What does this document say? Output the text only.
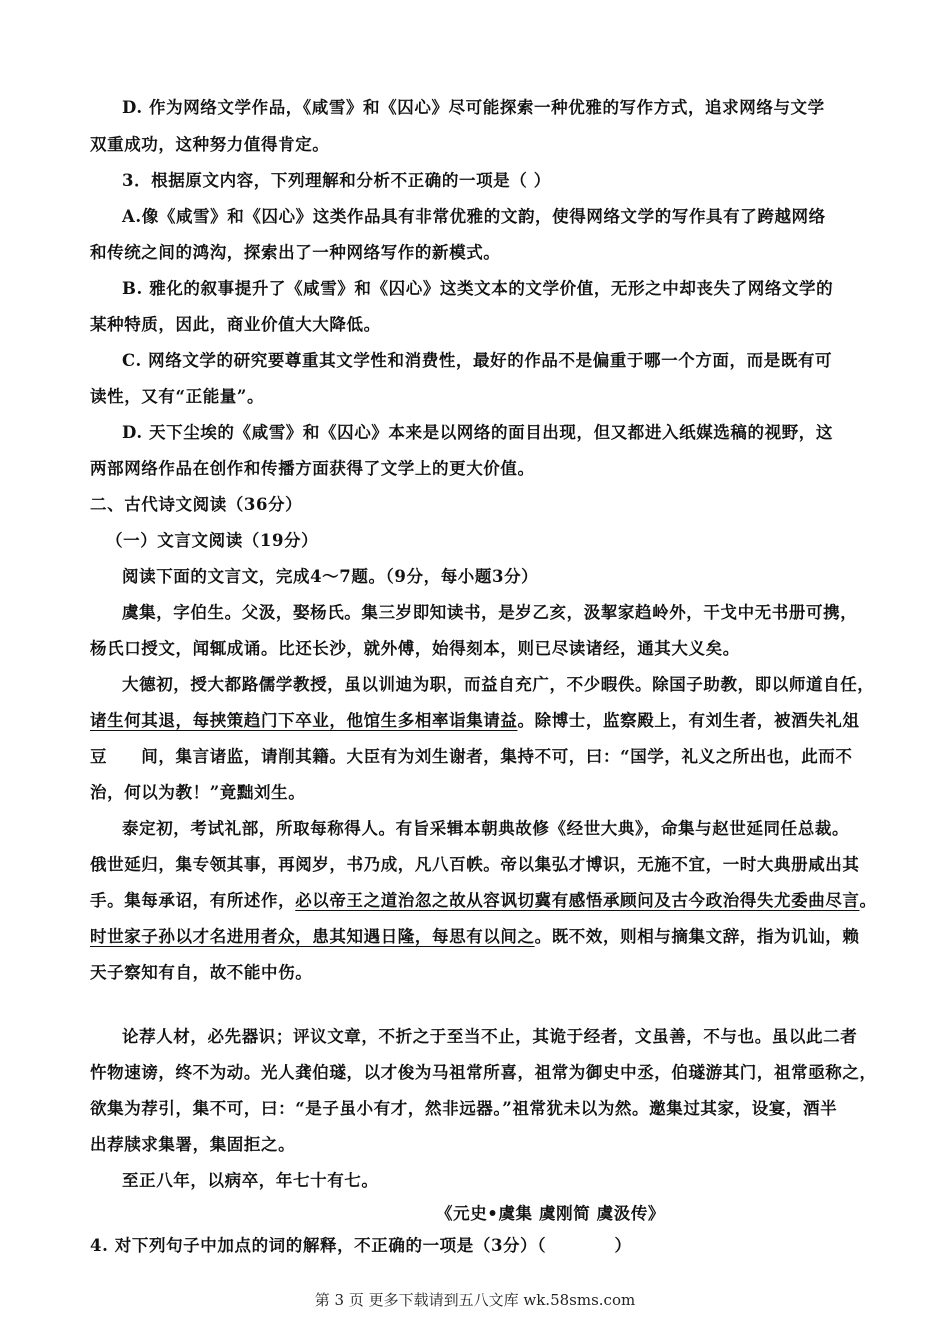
D. 作为网络文学作品，《咸雪》和《囚心》尽可能探索一种优雅的写作方式，追求网络与文学
双重成功，这种努力值得肯定。
3．根据原文内容，下列理解和分析不正确的一项是（ ）
A.像《咸雪》和《囚心》这类作品具有非常优雅的文韵，使得网络文学的写作具有了跨越网络
和传统之间的鸿沟，探索出了一种网络写作的新模式。
B. 雅化的叙事提升了《咸雪》和《囚心》这类文本的文学价值，无形之中却丧失了网络文学的
某种特质，因此，商业价值大大降低。
C. 网络文学的研究要尊重其文学性和消费性，最好的作品不是偏重于哪一个方面，而是既有可
读性，又有“正能量”。
D. 天下尘埃的《咸雪》和《囚心》本来是以网络的面目出现，但又都进入纸媒选稿的视野，这
两部网络作品在创作和传播方面获得了文学上的更大价值。
二、古代诗文阅读（36分）
（一）文言文阅读（19分）
阅读下面的文言文，完成4～7题。（9分，每小题3分）
虞集，字伯生。父汲，娶杨氏。集三岁即知读书，是岁乙亥，汲挈家趋岭外，干戈中无书册可携，
杨氏口授文，闻辄成诵。比还长沙，就外傅，始得刻本，则已尽读诸经，通其大义矣。
大德初，授大都路儒学教授，虽以训迪为职，而益自充广，不少暇佚。除国子助教，即以师道自任，
诸生何其退，每挟策趋门下卒业，他馆生多相率诣集请益。除博士，监察殿上，有刘生者，被酒失礼俎
豆　　间，集言诸监，请削其籍。大臣有为刘生谢者，集持不可，曰：“国学，礼义之所出也，此而不
治，何以为教！”竟黜刘生。
泰定初，考试礼部，所取每称得人。有旨采辑本朝典故修《经世大典》，命集与赵世延同任总裁。
俄世延归，集专领其事，再阅岁，书乃成，凡八百帙。帝以集弘才博识，无施不宜，一时大典册咸出其
手。集每承诏，有所述作，必以帝王之道治忽之故从容讽切冀有感悟承顾问及古今政治得失尤委曲尽言。
时世家子孙以才名进用者众，患其知遇日隆，每思有以间之。既不效，则相与摘集文辞，指为讥讪，赖
天子察知有自，故不能中伤。
论荐人材，必先器识；评议文章，不折之于至当不止，其诡于经者，文虽善，不与也。虽以此二者
忤物速谤，终不为动。光人龚伯璲，以才俊为马祖常所喜，祖常为御史中丞，伯璲游其门，祖常亟称之，
欲集为荐引，集不可，曰：“是子虽小有才，然非远器。”祖常犹未以为然。邀集过其家，设宴，酒半
出荐牍求集署，集固拒之。
至正八年，以病卒，年七十有七。
《元史•虞集 虞刚简 虞汲传》
4. 对下列句子中加点的词的解释，不正确的一项是（3分）（　　　　）
第 3 页 更多下载请到五八文库 wk.58sms.com
